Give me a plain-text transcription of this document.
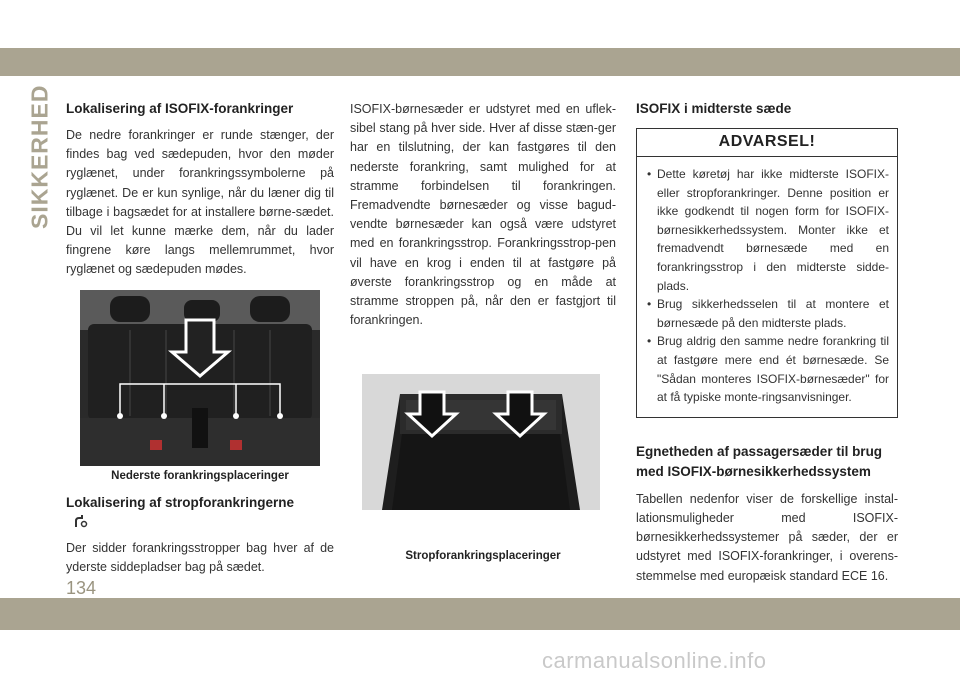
SIKKERHED
134
carmanualsonline.info
Lokalisering af ISOFIX-forankringer

De nedre forankringer er runde stænger, der findes bag ved sædepuden, hvor den møder ryglænet, under forankringssymbolerne på ryglænet. De er kun synlige, når du læner dig til tilbage i bagsædet for at installere børne-sædet. Du vil let kunne mærke dem, når du lader fingrene køre langs mellemrummet, hvor ryglænet og sædepuden mødes.

Nederste forankringsplaceringer
Lokalisering af stropforankringerne

Der sidder forankringsstropper bag hver af de yderste siddepladser bag på sædet.

ISOFIX-børnesæder er udstyret med en uflek-sibel stang på hver side. Hver af disse stæn-ger har en tilslutning, der kan fastgøres til den nederste forankring, samt mulighed for at stramme forbindelsen til forankringen. Fremadvendte børnesæder og visse bagud-vendte børnesæder kan også være udstyret med en forankringsstrop. Forankringsstrop-pen vil have en krog i enden til at fastgøre på øverste forankringsstrop og en måde at stramme stroppen på, når den er fastgjort til forankringen.

Stropforankringsplaceringer
ISOFIX i midterste sæde
ADVARSEL!
• Dette køretøj har ikke midterste ISOFIX- eller stropforankringer. Denne position er ikke godkendt til nogen form for ISOFIX-børnesikkerhedssystem. Monter ikke et fremadvendt børnesæde med en forankringsstrop i den midterste sidde-plads.
• Brug sikkerhedsselen til at montere et børnesæde på den midterste plads.
• Brug aldrig den samme nedre forankring til at fastgøre mere end ét børnesæde. Se "Sådan monteres ISOFIX-børnesæder" for at få typiske monte-ringsanvisninger.
Egnetheden af passagersæder til brug med ISOFIX-børnesikkerhedssystem

Tabellen nedenfor viser de forskellige instal-lationsmuligheder med ISOFIX-børnesikkerhedssystemer på sæder, der er udstyret med ISOFIX-forankringer, i overens-stemmelse med europæisk standard ECE 16.
